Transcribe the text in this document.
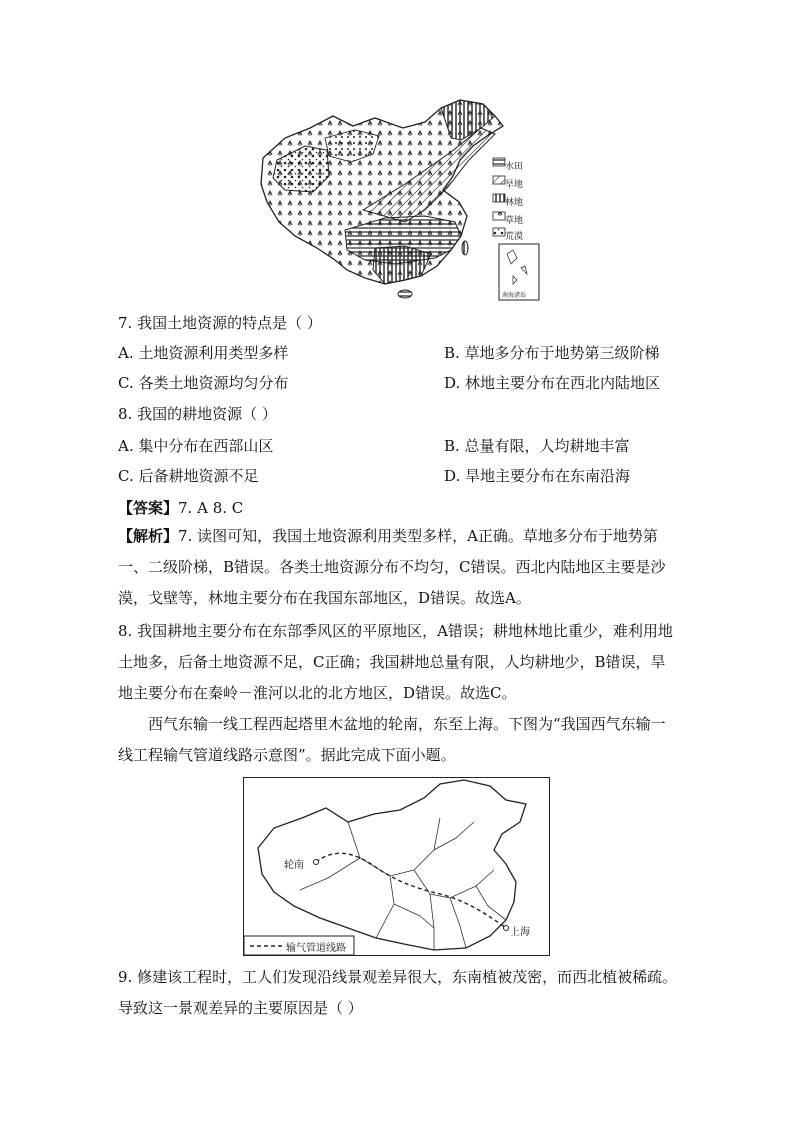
水田
旱地
林地
草地
荒漠
南海诸岛
7. 我国土地资源的特点是（ ）
A. 土地资源利用类型多样	B. 草地多分布于地势第三级阶梯
C. 各类土地资源均匀分布	D. 林地主要分布在西北内陆地区
8. 我国的耕地资源（ ）
A. 集中分布在西部山区	B. 总量有限，人均耕地丰富
C. 后备耕地资源不足	D. 旱地主要分布在东南沿海
【答案】7. A 8. C
【解析】7. 读图可知，我国土地资源利用类型多样，A正确。草地多分布于地势第一、二级阶梯，B错误。各类土地资源分布不均匀，C错误。西北内陆地区主要是沙漠，戈壁等，林地主要分布在我国东部地区，D错误。故选A。
8. 我国耕地主要分布在东部季风区的平原地区，A错误；耕地林地比重少，难利用地土地多，后备土地资源不足，C正确；我国耕地总量有限，人均耕地少，B错误，旱地主要分布在秦岭－淮河以北的北方地区，D错误。故选C。
西气东输一线工程西起塔里木盆地的轮南，东至上海。下图为“我国西气东输一线工程输气管道线路示意图”。据此完成下面小题。
轮南
上海
输气管道线路
9. 修建该工程时，工人们发现沿线景观差异很大，东南植被茂密，而西北植被稀疏。导致这一景观差异的主要原因是（ ）
